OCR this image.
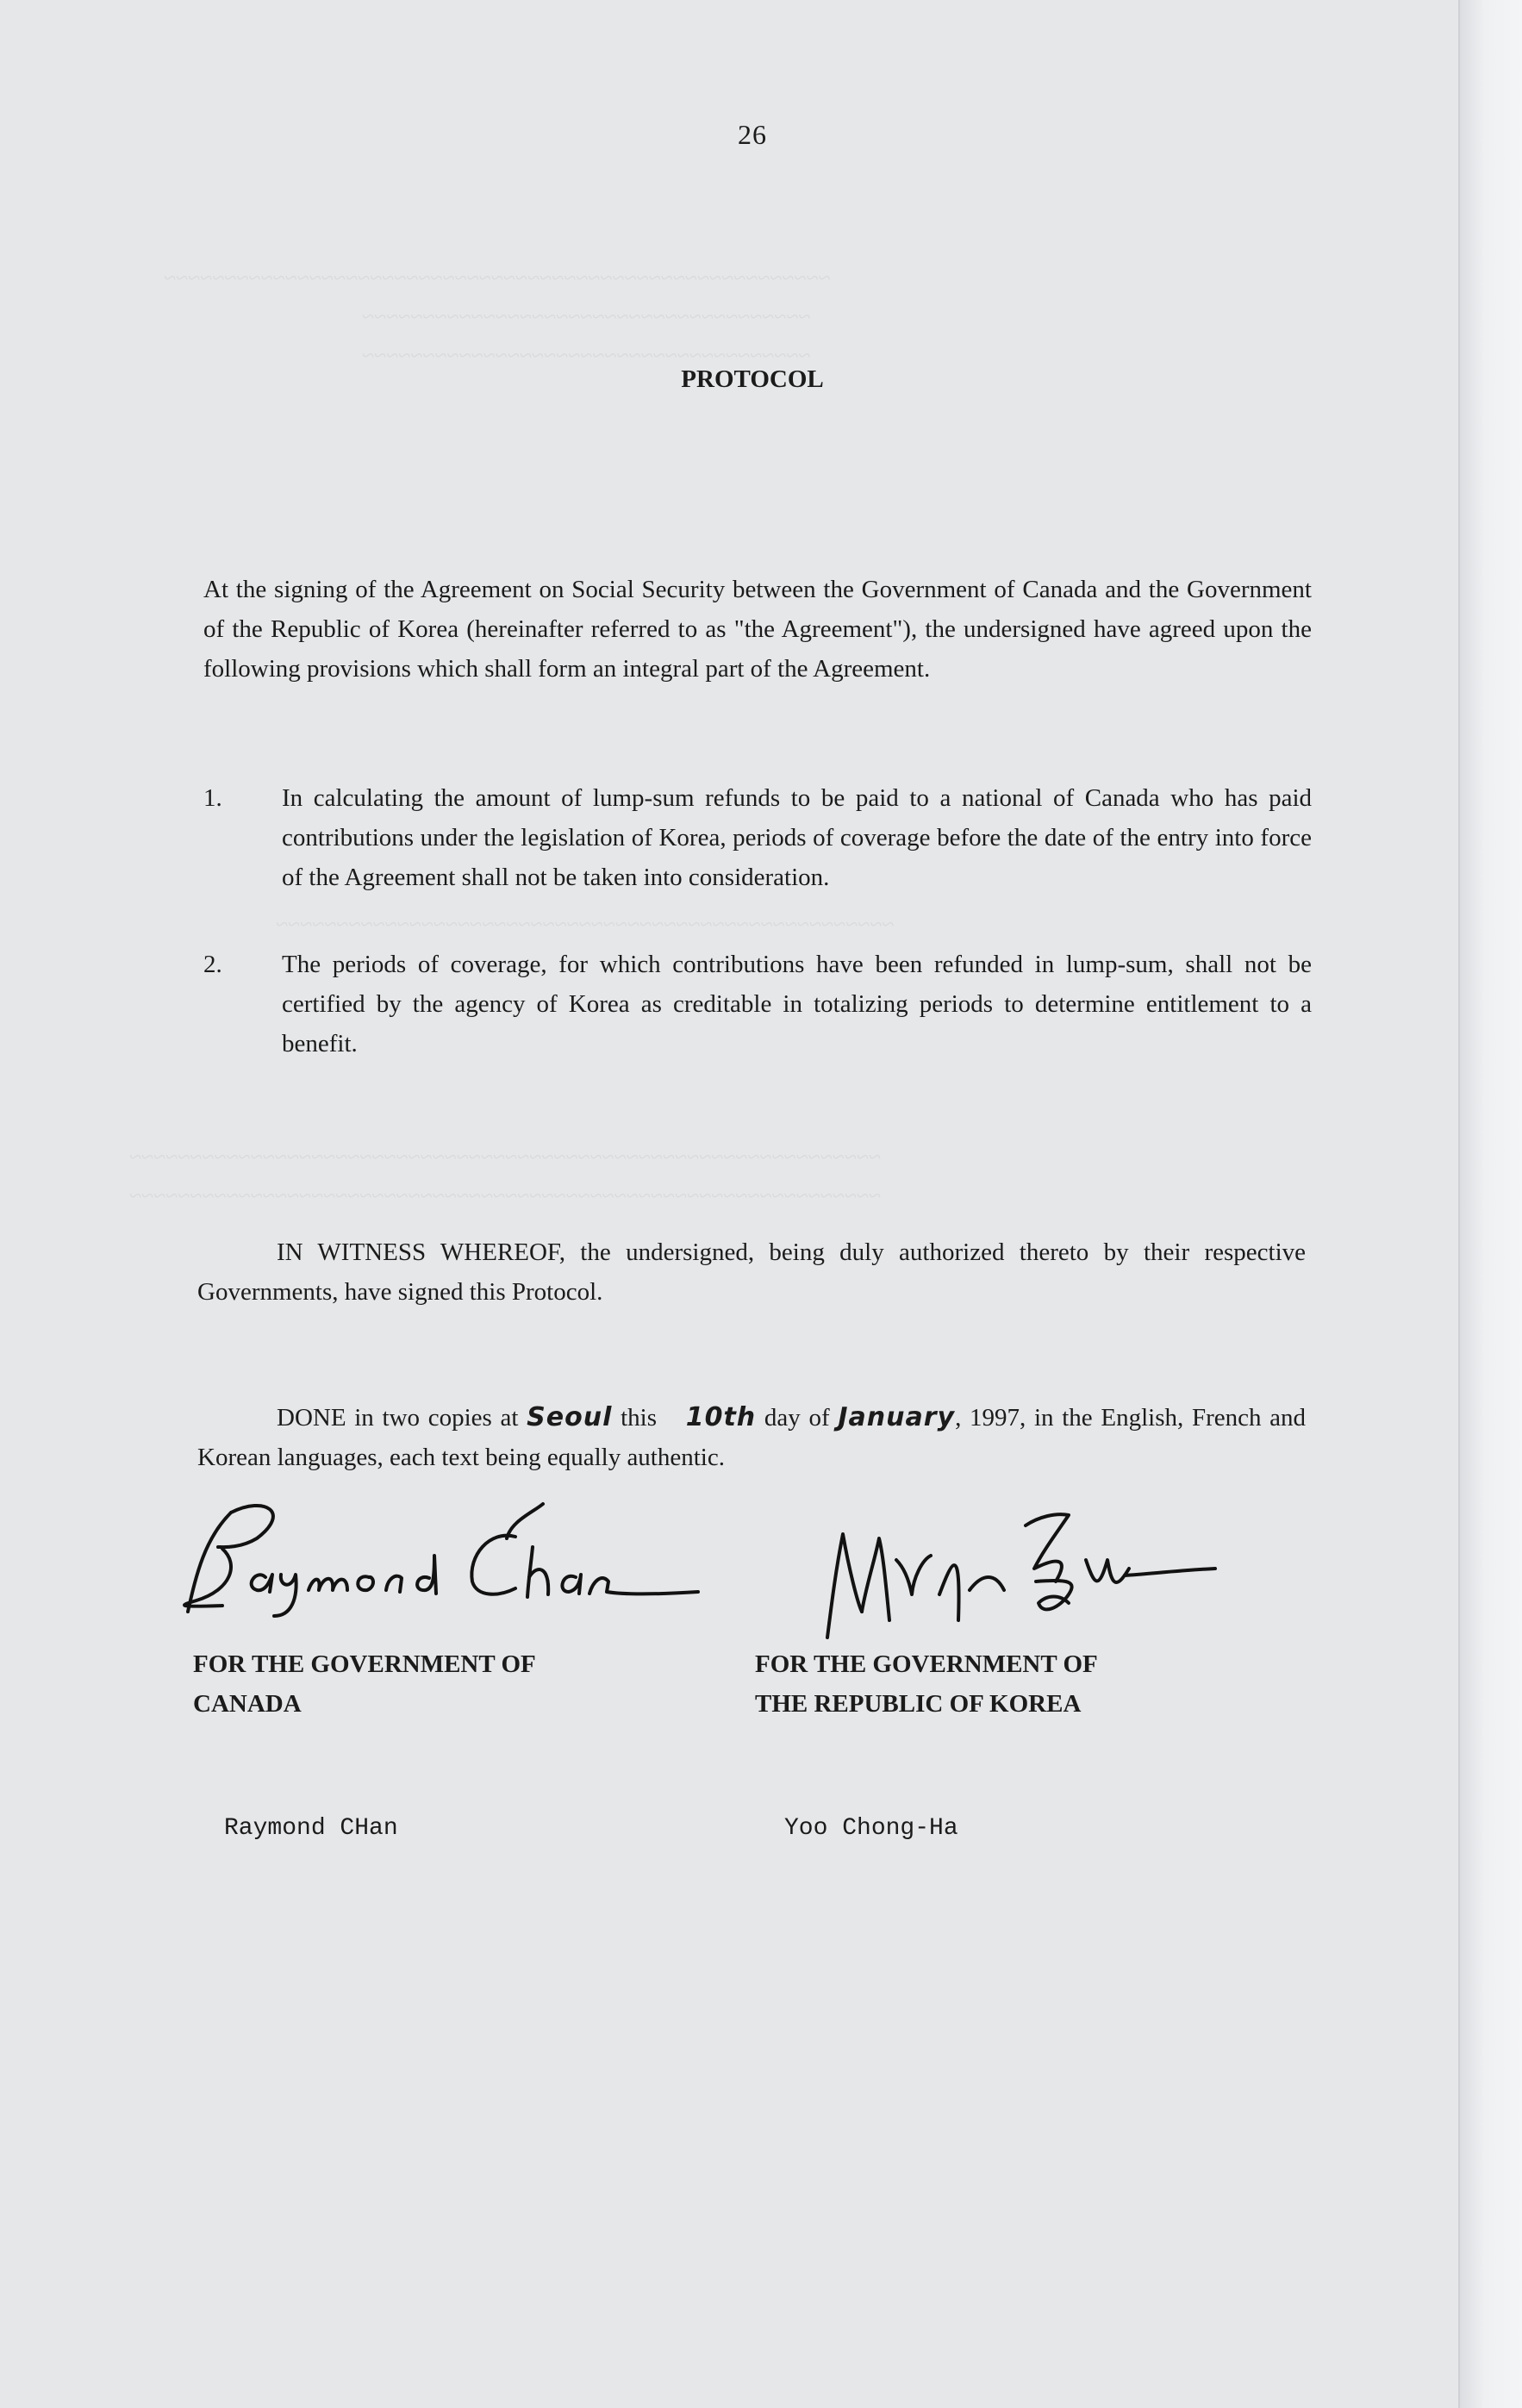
~~~~~~~~~~~~~~~~~~~~~~~~~~~~~~~~~~~~~~~~~~~~~~~~~~~~~~~
~~~~~~~~~~~~~~~~~~~~~~~~~~~~~~~~~~~~~
~~~~~~~~~~~~~~~~~~~~~~~~~~~~~~~~~~~~~
~~~~~~~~~~~~~~~~~~~~~~~~~~~~~~~~~~~~~~~~~~~~~~~~~~~
~~~~~~~~~~~~~~~~~~~~~~~~~~~~~~~~~~~~~~~~~~~~~~~~~~~~~~~~~~~~~~
~~~~~~~~~~~~~~~~~~~~~~~~~~~~~~~~~~~~~~~~~~~~~~~~~~~~~~~~~~~~~~
26
PROTOCOL

At the signing of the Agreement on Social Security between the Government of Canada and the Government of the Republic of Korea (hereinafter referred to as "the Agreement"), the undersigned have agreed upon the following provisions which shall form an integral part of the Agreement.

1. In calculating the amount of lump-sum refunds to be paid to a national of Canada who has paid contributions under the legislation of Korea, periods of coverage before the date of the entry into force of the Agreement shall not be taken into consideration.

2. The periods of coverage, for which contributions have been refunded in lump-sum, shall not be certified by the agency of Korea as creditable in totalizing periods to determine entitlement to a benefit.

IN WITNESS WHEREOF, the undersigned, being duly authorized thereto by their respective Governments, have signed this Protocol.

DONE in two copies at Seoul this 10th day of January, 1997, in the English, French and Korean languages, each text being equally authentic.

FOR THE GOVERNMENT OF
CANADA
FOR THE GOVERNMENT OF
THE REPUBLIC OF KOREA
Raymond CHan	Yoo Chong-Ha
